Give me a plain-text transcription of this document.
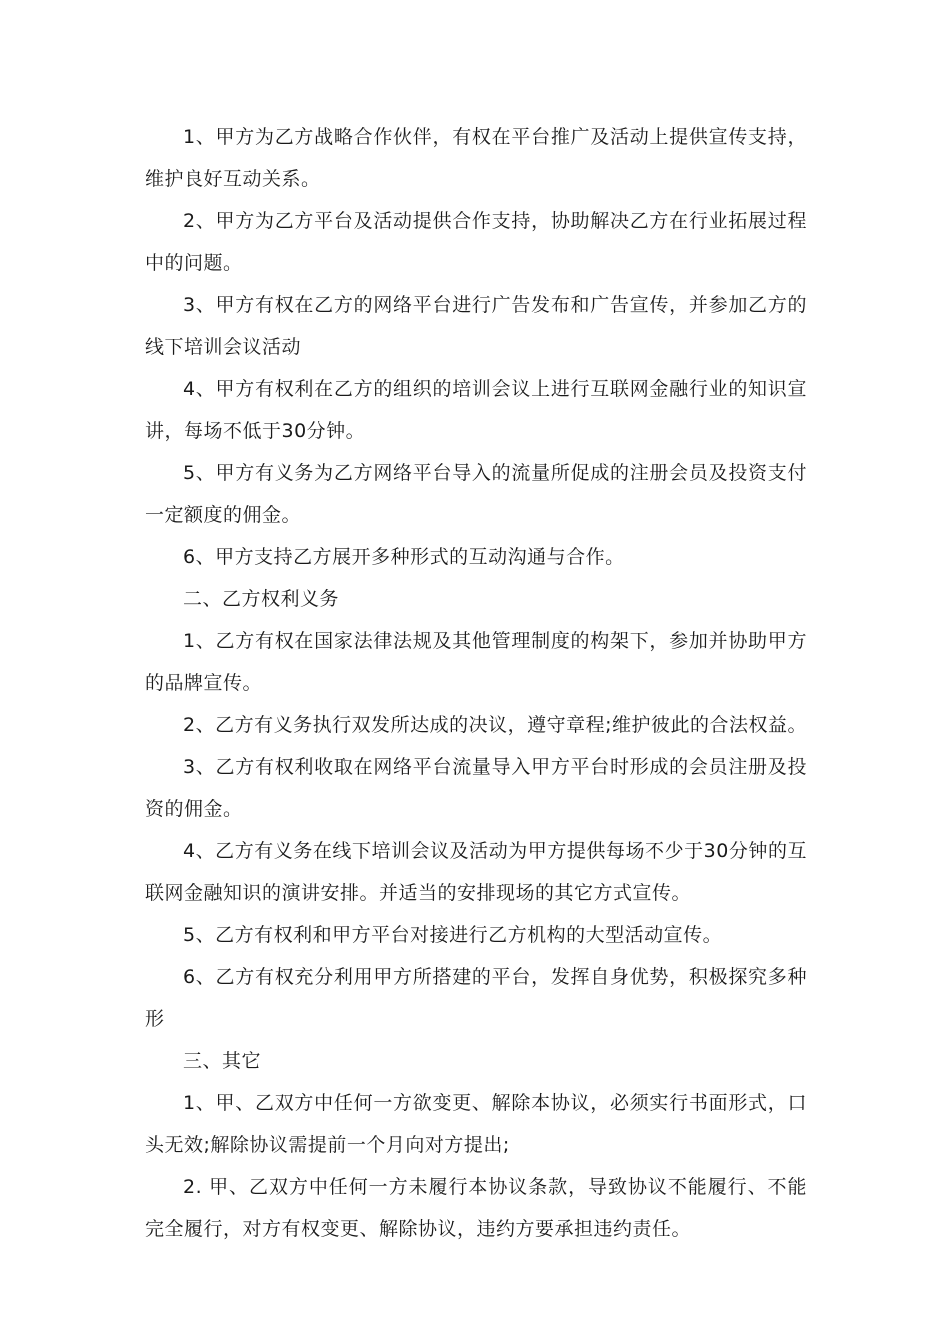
1、甲方为乙方战略合作伙伴，有权在平台推广及活动上提供宣传支持，维护良好互动关系。

2、甲方为乙方平台及活动提供合作支持，协助解决乙方在行业拓展过程中的问题。

3、甲方有权在乙方的网络平台进行广告发布和广告宣传，并参加乙方的线下培训会议活动

4、甲方有权利在乙方的组织的培训会议上进行互联网金融行业的知识宣讲，每场不低于30分钟。

5、甲方有义务为乙方网络平台导入的流量所促成的注册会员及投资支付一定额度的佣金。

6、甲方支持乙方展开多种形式的互动沟通与合作。

二、乙方权利义务

1、乙方有权在国家法律法规及其他管理制度的构架下，参加并协助甲方的品牌宣传。

2、乙方有义务执行双发所达成的决议，遵守章程;维护彼此的合法权益。

3、乙方有权利收取在网络平台流量导入甲方平台时形成的会员注册及投资的佣金。

4、乙方有义务在线下培训会议及活动为甲方提供每场不少于30分钟的互联网金融知识的演讲安排。并适当的安排现场的其它方式宣传。

5、乙方有权利和甲方平台对接进行乙方机构的大型活动宣传。

6、乙方有权充分利用甲方所搭建的平台，发挥自身优势，积极探究多种形

三、其它

1、甲、乙双方中任何一方欲变更、解除本协议，必须实行书面形式，口头无效;解除协议需提前一个月向对方提出;

2. 甲、乙双方中任何一方未履行本协议条款，导致协议不能履行、不能完全履行，对方有权变更、解除协议，违约方要承担违约责任。
